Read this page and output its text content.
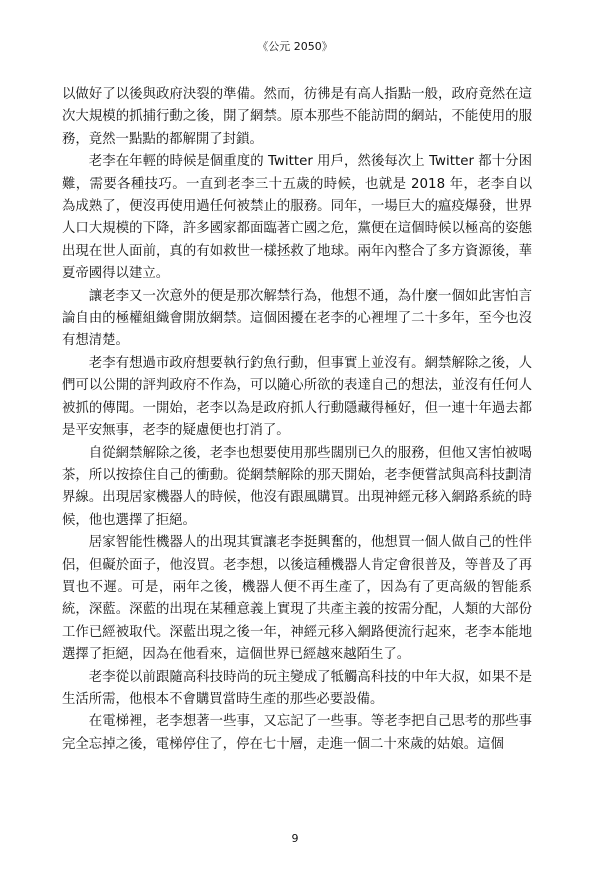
《公元 2050》

以做好了以後與政府決裂的準備。然而，彷彿是有高人指點一般，政府竟然在這次大規模的抓捕行動之後，開了網禁。原本那些不能訪問的網站，不能使用的服務，竟然一點點的都解開了封鎖。

老李在年輕的時候是個重度的 Twitter 用戶，然後每次上 Twitter 都十分困難，需要各種技巧。一直到老李三十五歲的時候，也就是 2018 年，老李自以為成熟了，便沒再使用過任何被禁止的服務。同年，一場巨大的瘟疫爆發，世界人口大規模的下降，許多國家都面臨著亡國之危，黨便在這個時候以極高的姿態出現在世人面前，真的有如救世一樣拯救了地球。兩年內整合了多方資源後，華夏帝國得以建立。

讓老李又一次意外的便是那次解禁行為，他想不通，為什麼一個如此害怕言論自由的極權組織會開放網禁。這個困擾在老李的心裡埋了二十多年，至今也沒有想清楚。

老李有想過市政府想要執行釣魚行動，但事實上並沒有。網禁解除之後，人們可以公開的評判政府不作為，可以隨心所欲的表達自己的想法，並沒有任何人被抓的傳聞。一開始，老李以為是政府抓人行動隱藏得極好，但一連十年過去都是平安無事，老李的疑慮便也打消了。

自從網禁解除之後，老李也想要使用那些闊別已久的服務，但他又害怕被喝茶，所以按捺住自己的衝動。從網禁解除的那天開始，老李便嘗試與高科技劃清界線。出現居家機器人的時候，他沒有跟風購買。出現神經元移入網路系統的時候，他也選擇了拒絕。

居家智能性機器人的出現其實讓老李挺興奮的，他想買一個人做自己的性伴侶，但礙於面子，他沒買。老李想，以後這種機器人肯定會很普及，等普及了再買也不遲。可是，兩年之後，機器人便不再生產了，因為有了更高級的智能系統，深藍。深藍的出現在某種意義上實現了共產主義的按需分配，人類的大部份工作已經被取代。深藍出現之後一年，神經元移入網路便流行起來，老李本能地選擇了拒絕，因為在他看來，這個世界已經越來越陌生了。

老李從以前跟隨高科技時尚的玩主變成了牴觸高科技的中年大叔，如果不是生活所需，他根本不會購買當時生產的那些必要設備。

在電梯裡，老李想著一些事，又忘記了一些事。等老李把自己思考的那些事完全忘掉之後，電梯停住了，停在七十層，走進一個二十來歲的姑娘。這個

9
